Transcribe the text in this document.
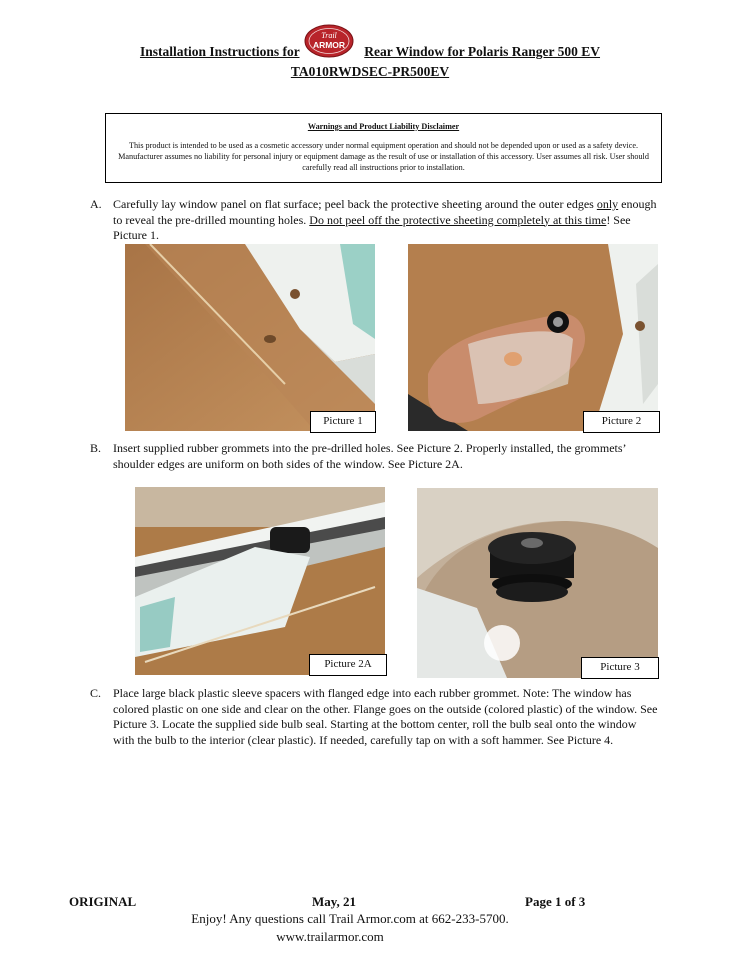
Installation Instructions for	Rear Window for Polaris Ranger 500 EV
Trail
ARMOR
TA010RWDSEC-PR500EV
Warnings and Product Liability Disclaimer
This product is intended to be used as a cosmetic accessory under normal equipment operation and should not be depended upon or used as a safety device. Manufacturer assumes no liability for personal injury or equipment damage as the result of use or installation of this accessory. User assumes all risk. User should carefully read all instructions prior to installation.
A. Carefully lay window panel on flat surface; peel back the protective sheeting around the outer edges only enough to reveal the pre-drilled mounting holes. Do not peel off the protective sheeting completely at this time! See Picture 1.
Picture 1	Picture 2
B. Insert supplied rubber grommets into the pre-drilled holes. See Picture 2. Properly installed, the grommets’ shoulder edges are uniform on both sides of the window. See Picture 2A.
Picture 2A	Picture 3
C. Place large black plastic sleeve spacers with flanged edge into each rubber grommet. Note: The window has colored plastic on one side and clear on the other. Flange goes on the outside (colored plastic) of the window. See Picture 3. Locate the supplied side bulb seal. Starting at the bottom center, roll the bulb seal onto the window with the bulb to the interior (clear plastic). If needed, carefully tap on with a soft hammer. See Picture 4.
ORIGINAL	May, 21	Page 1 of 3
Enjoy! Any questions call Trail Armor.com at 662-233-5700.
www.trailarmor.com
